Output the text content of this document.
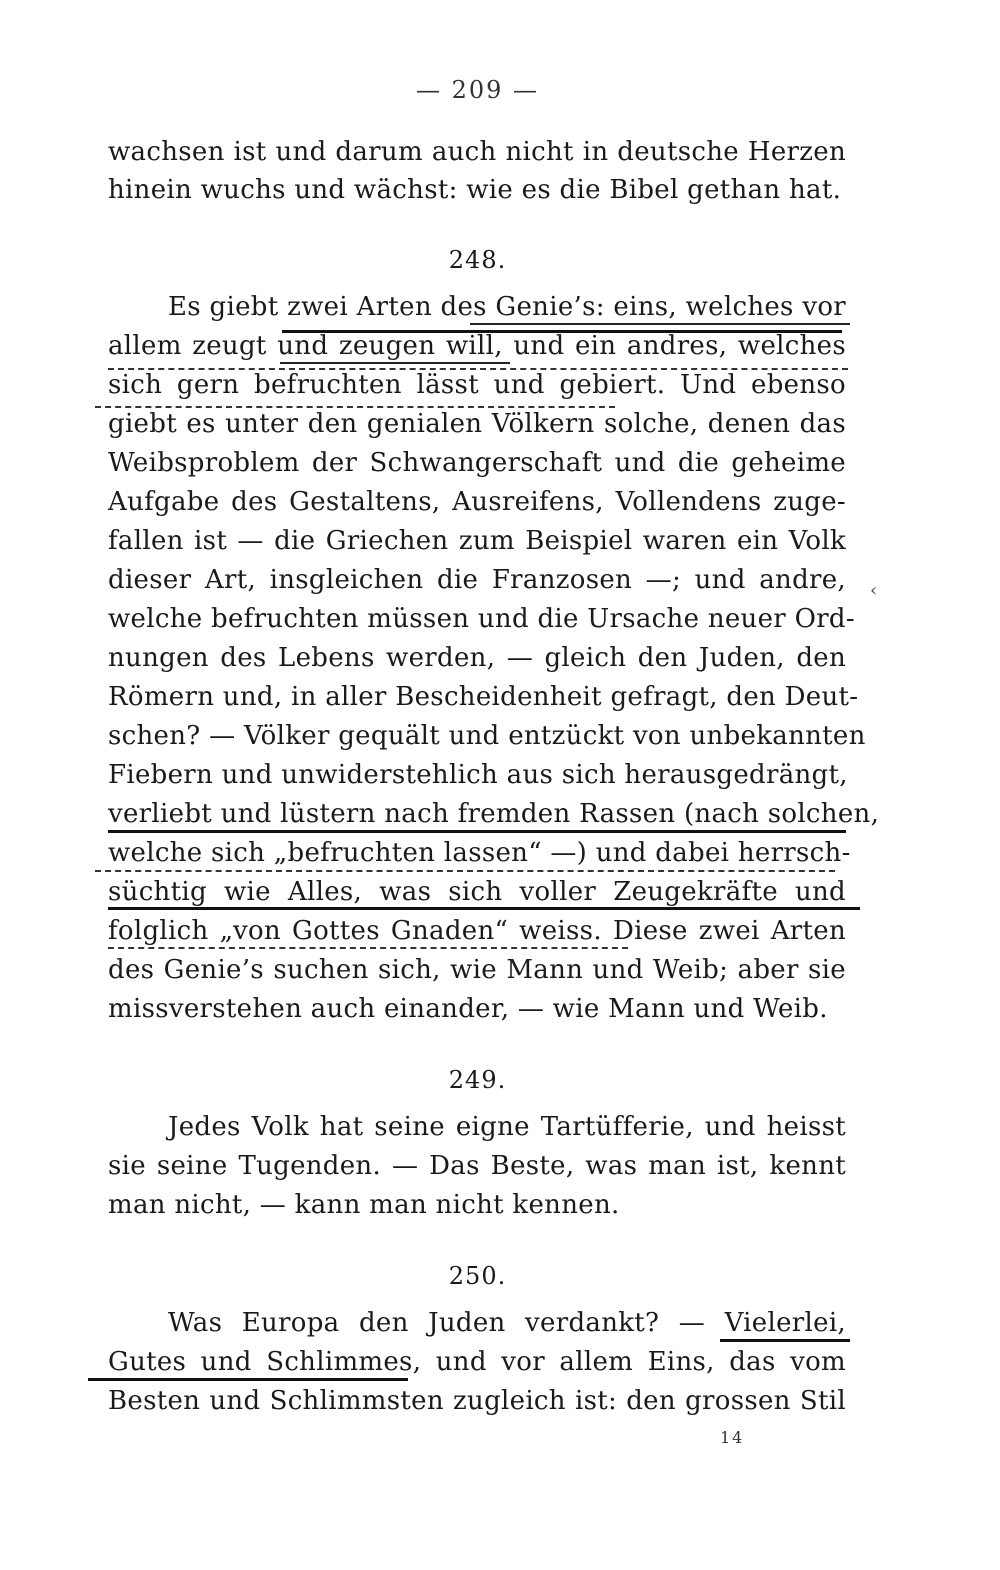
— 209 —
wachsen ist und darum auch nicht in deutsche Herzen
hinein wuchs und wächst: wie es die Bibel gethan hat.
248.
Es giebt zwei Arten des Genie’s: eins, welches vor
allem zeugt und zeugen will, und ein andres, welches
sich gern befruchten lässt und gebiert. Und ebenso
giebt es unter den genialen Völkern solche, denen das
Weibsproblem der Schwangerschaft und die geheime
Aufgabe des Gestaltens, Ausreifens, Vollendens zuge-
fallen ist — die Griechen zum Beispiel waren ein Volk
dieser Art, insgleichen die Franzosen —; und andre,
welche befruchten müssen und die Ursache neuer Ord-
nungen des Lebens werden, — gleich den Juden, den
Römern und, in aller Bescheidenheit gefragt, den Deut-
schen? — Völker gequält und entzückt von unbekannten
Fiebern und unwiderstehlich aus sich herausgedrängt,
verliebt und lüstern nach fremden Rassen (nach solchen,
welche sich „befruchten lassen“ —) und dabei herrsch-
süchtig wie Alles, was sich voller Zeugekräfte und
folglich „von Gottes Gnaden“ weiss. Diese zwei Arten
des Genie’s suchen sich, wie Mann und Weib; aber sie
missverstehen auch einander, — wie Mann und Weib.
249.
Jedes Volk hat seine eigne Tartüfferie, und heisst
sie seine Tugenden. — Das Beste, was man ist, kennt
man nicht, — kann man nicht kennen.
250.
Was Europa den Juden verdankt? — Vielerlei,
Gutes und Schlimmes, und vor allem Eins, das vom
Besten und Schlimmsten zugleich ist: den grossen Stil
‹
14
